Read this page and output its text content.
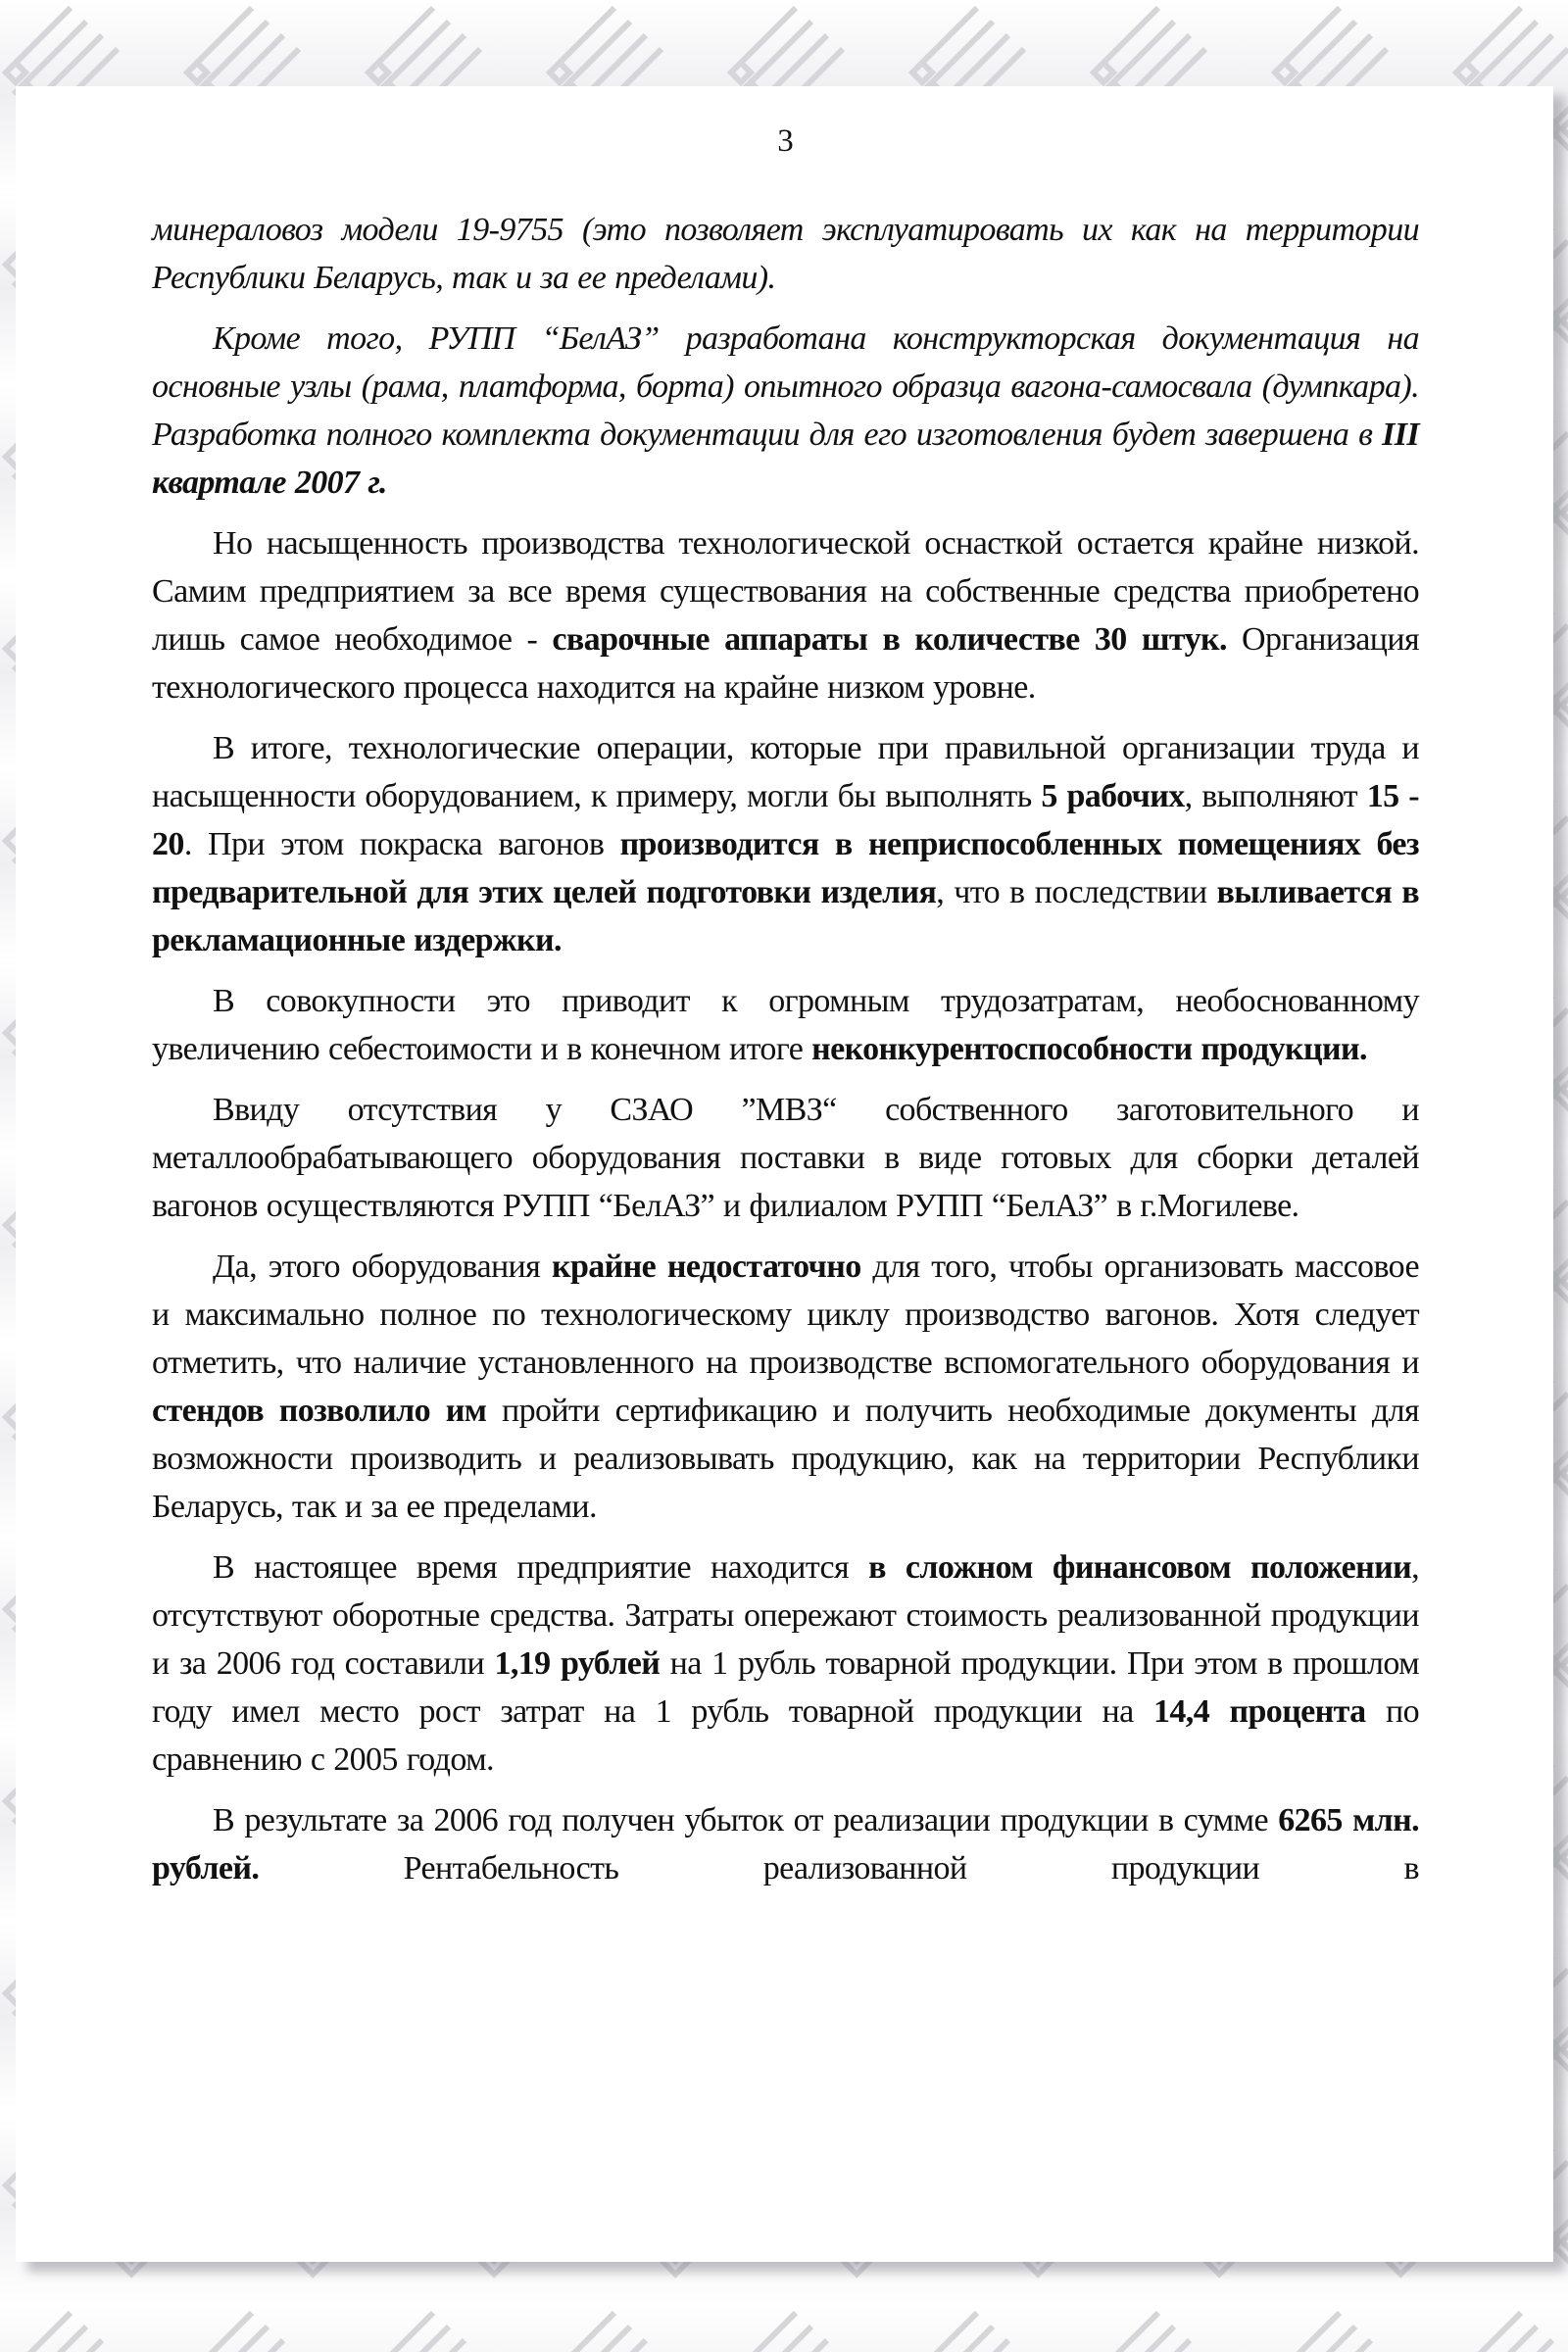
3

минераловоз модели 19-9755 (это позволяет эксплуатировать их как на территории Республики Беларусь, так и за ее пределами).

Кроме того, РУПП “БелАЗ” разработана конструкторская документация на основные узлы (рама, платформа, борта) опытного образца вагона-самосвала (думпкара). Разработка полного комплекта документации для его изготовления будет завершена в III квартале 2007 г.

Но насыщенность производства технологической оснасткой остается крайне низкой. Самим предприятием за все время существования на собственные средства приобретено лишь самое необходимое - сварочные аппараты в количестве 30 штук. Организация технологического процесса находится на крайне низком уровне.

В итоге, технологические операции, которые при правильной организации труда и насыщенности оборудованием, к примеру, могли бы выполнять 5 рабочих, выполняют 15 - 20. При этом покраска вагонов производится в неприспособленных помещениях без предварительной для этих целей подготовки изделия, что в последствии выливается в рекламационные издержки.

В совокупности это приводит к огромным трудозатратам, необоснованному увеличению себестоимости и в конечном итоге неконкурентоспособности продукции.

Ввиду отсутствия у СЗАО ”МВЗ“ собственного заготовительного и металлообрабатывающего оборудования поставки в виде готовых для сборки деталей вагонов осуществляются РУПП “БелАЗ” и филиалом РУПП “БелАЗ” в г.Могилеве.

Да, этого оборудования крайне недостаточно для того, чтобы организовать массовое и максимально полное по технологическому циклу производство вагонов. Хотя следует отметить, что наличие установленного на производстве вспомогательного оборудования и стендов позволило им пройти сертификацию и получить необходимые документы для возможности производить и реализовывать продукцию, как на территории Республики Беларусь, так и за ее пределами.

В настоящее время предприятие находится в сложном финансовом положении, отсутствуют оборотные средства. Затраты опережают стоимость реализованной продукции и за 2006 год составили 1,19 рублей на 1 рубль товарной продукции. При этом в прошлом году имел место рост затрат на 1 рубль товарной продукции на 14,4 процента по сравнению с 2005 годом.

В результате за 2006 год получен убыток от реализации продукции в сумме 6265 млн. рублей. Рентабельность реализованной продукции в
